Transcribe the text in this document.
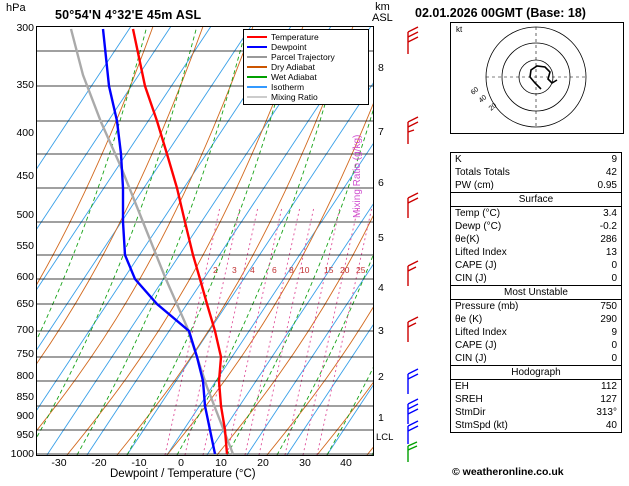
hPa	km
ASL
50°54'N 4°32'E 45m ASL
300
350
400
450
500
550
600
650
700
750
800
850
900
950
1000
8
7
6
5
4
3
2
1
LCL
-30	-20	-10	0	10	20	30	40
Dewpoint / Temperature (°C)
2 3 4 6 8 10 15 20 25
Mixing Ratio (g/kg)
Temperature
Dewpoint
Parcel Trajectory
Dry Adiabat
Wet Adiabat
Isotherm
Mixing Ratio
02.01.2026 00GMT (Base: 18)
20
40
60
kt
K	9
Totals Totals	42
PW (cm)	0.95
Surface
Temp (°C)	3.4
Dewp (°C)	-0.2
θe(K)	286
Lifted Index	13
CAPE (J)	0
CIN (J)	0
Most Unstable
Pressure (mb)	750
θe (K)	290
Lifted Index	9
CAPE (J)	0
CIN (J)	0
Hodograph
EH	112
SREH	127
StmDir	313°
StmSpd (kt)	40
© weatheronline.co.uk
